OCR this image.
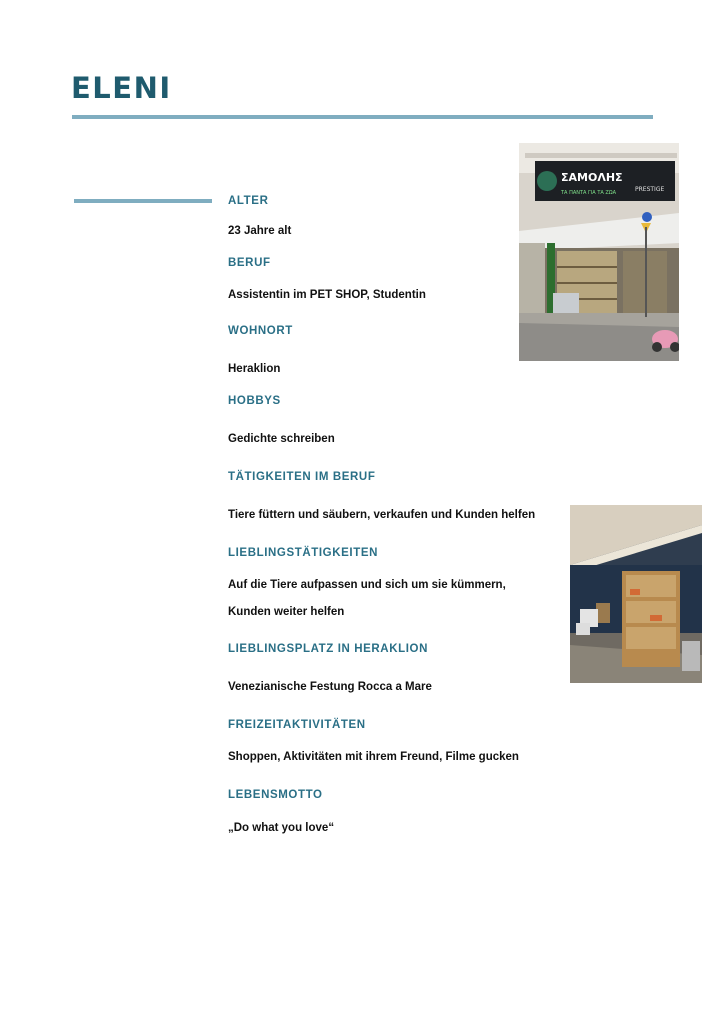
ELENI
ALTER
23 Jahre alt
BERUF
Assistentin im PET SHOP, Studentin
WOHNORT
Heraklion
HOBBYS
Gedichte schreiben
TÄTIGKEITEN IM BERUF
Tiere füttern und säubern, verkaufen und Kunden helfen
LIEBLINGSTÄTIGKEITEN
Auf die Tiere aufpassen und sich um sie kümmern,
Kunden weiter helfen
LIEBLINGSPLATZ IN HERAKLION
Venezianische Festung Rocca a Mare
FREIZEITAKTIVITÄTEN
Shoppen, Aktivitäten mit ihrem Freund, Filme gucken
LEBENSMOTTO
„Do what you love“
ΣΑΜΟΛΗΣ
ΤΑ ΠΑΝΤΑ ΓΙΑ ΤΑ ΖΩΑ	PRESTIGE
